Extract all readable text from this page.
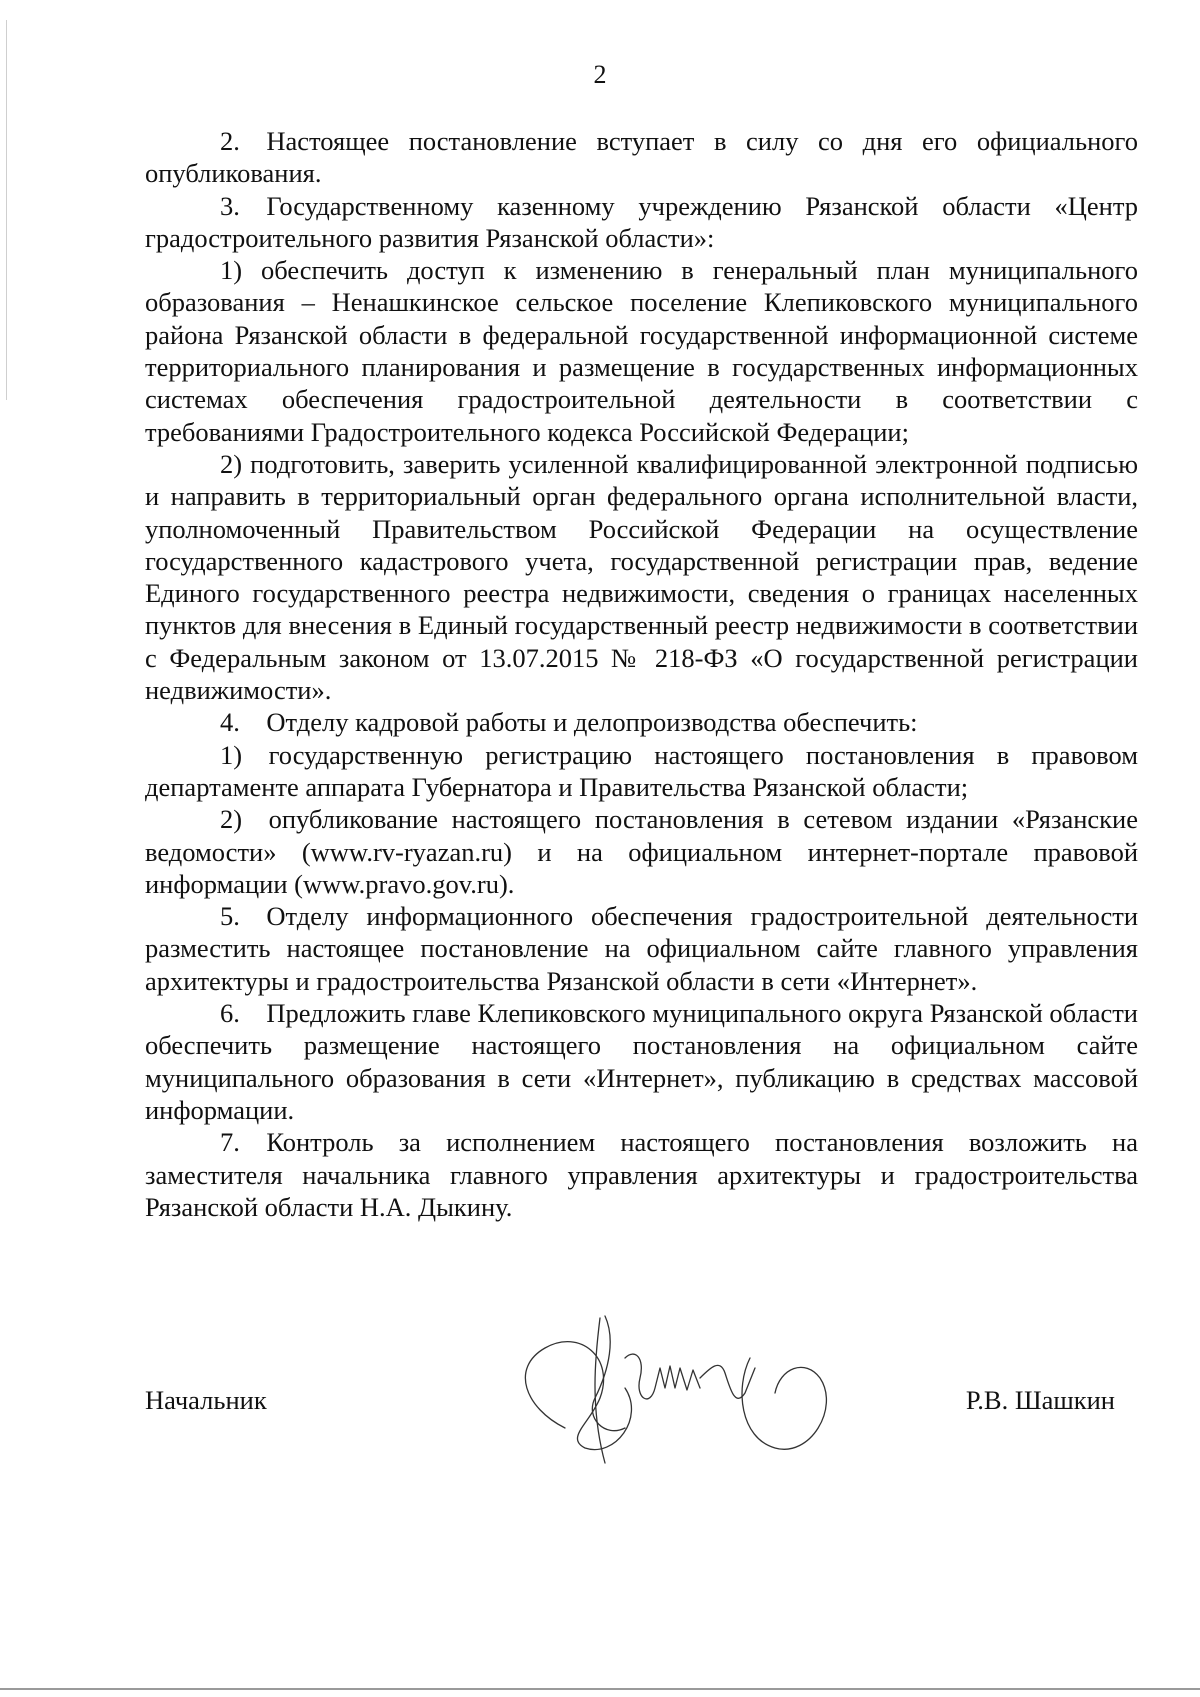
2

2. Настоящее постановление вступает в силу со дня его официального опубликования.

3. Государственному казенному учреждению Рязанской области «Центр градостроительного развития Рязанской области»:

1) обеспечить доступ к изменению в генеральный план муниципального образования – Ненашкинское сельское поселение Клепиковского муниципального района Рязанской области в федеральной государственной информационной системе территориального планирования и размещение в государственных информационных системах обеспечения градостроительной деятельности в соответствии с требованиями Градостроительного кодекса Российской Федерации;

2) подготовить, заверить усиленной квалифицированной электронной подписью и направить в территориальный орган федерального органа исполнительной власти, уполномоченный Правительством Российской Федерации на осуществление государственного кадастрового учета, государственной регистрации прав, ведение Единого государственного реестра недвижимости, сведения о границах населенных пунктов для внесения в Единый государственный реестр недвижимости в соответствии с Федеральным законом от 13.07.2015 № 218-ФЗ «О государственной регистрации недвижимости».

4. Отделу кадровой работы и делопроизводства обеспечить:

1) государственную регистрацию настоящего постановления в правовом департаменте аппарата Губернатора и Правительства Рязанской области;

2) опубликование настоящего постановления в сетевом издании «Рязанские ведомости» (www.rv-ryazan.ru) и на официальном интернет-портале правовой информации (www.pravo.gov.ru).

5. Отделу информационного обеспечения градостроительной деятельности разместить настоящее постановление на официальном сайте главного управления архитектуры и градостроительства Рязанской области в сети «Интернет».

6. Предложить главе Клепиковского муниципального округа Рязанской области обеспечить размещение настоящего постановления на официальном сайте муниципального образования в сети «Интернет», публикацию в средствах массовой информации.

7. Контроль за исполнением настоящего постановления возложить на заместителя начальника главного управления архитектуры и градостроительства Рязанской области Н.А. Дыкину.

Начальник	Р.В. Шашкин
